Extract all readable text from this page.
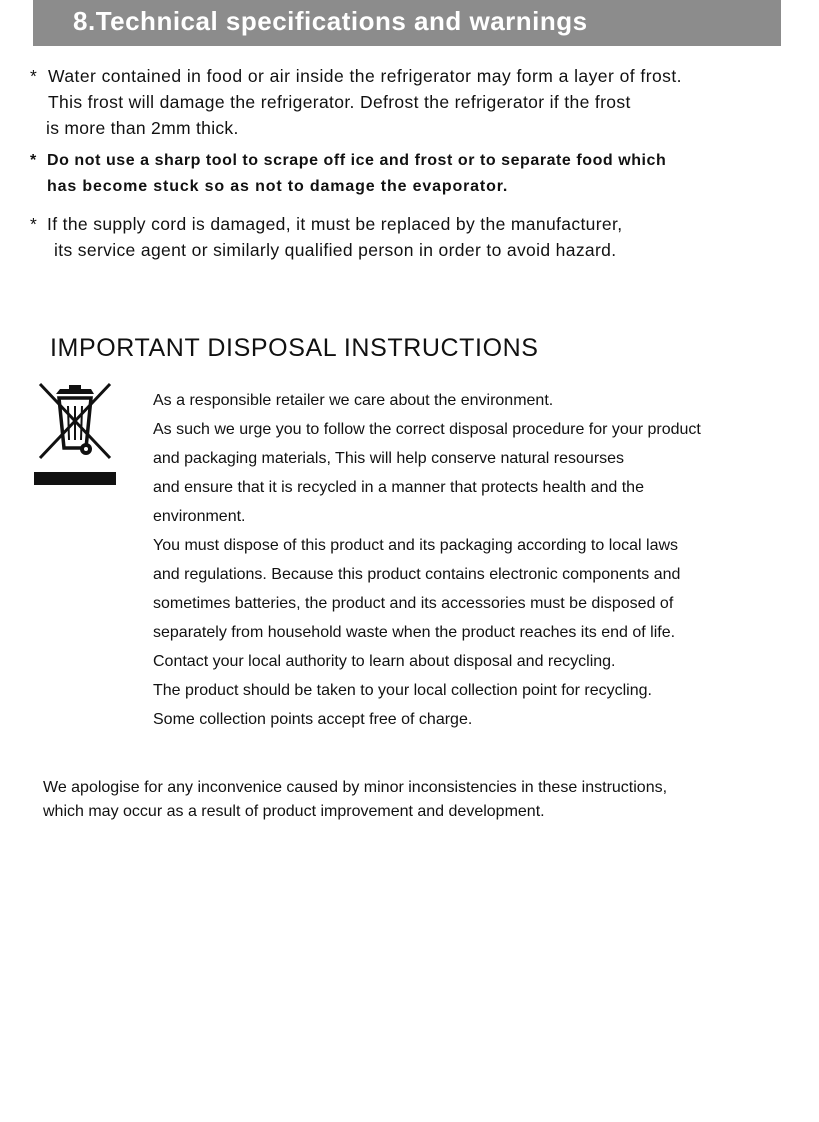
8.Technical specifications and warnings
* Water contained in food or air inside the refrigerator may form a layer of frost.
This frost will damage the refrigerator. Defrost the refrigerator if the frost
is more than 2mm thick.
* Do not use a sharp tool to scrape off ice and frost or to separate food which
has become stuck so as not to damage the evaporator.
* If the supply cord is damaged, it must be replaced by the manufacturer,
its service agent or similarly qualified person in order to avoid hazard.
IMPORTANT DISPOSAL INSTRUCTIONS
As a responsible retailer we care about the environment.
As such we urge you to follow the correct disposal procedure for your product
and packaging materials, This will help conserve natural resourses
and ensure that it is recycled in a manner that protects health and the
environment.
You must dispose of this product and its packaging according to local laws
and regulations. Because this product contains electronic components and
sometimes batteries, the product and its accessories must be disposed of
separately from household waste when the product reaches its end of life.
Contact your local authority to learn about disposal and recycling.
The product should be taken to your local collection point for recycling.
Some collection points accept free of charge.
We apologise for any inconvenice caused by minor inconsistencies in these instructions,
which may occur as a result of product improvement and development.
